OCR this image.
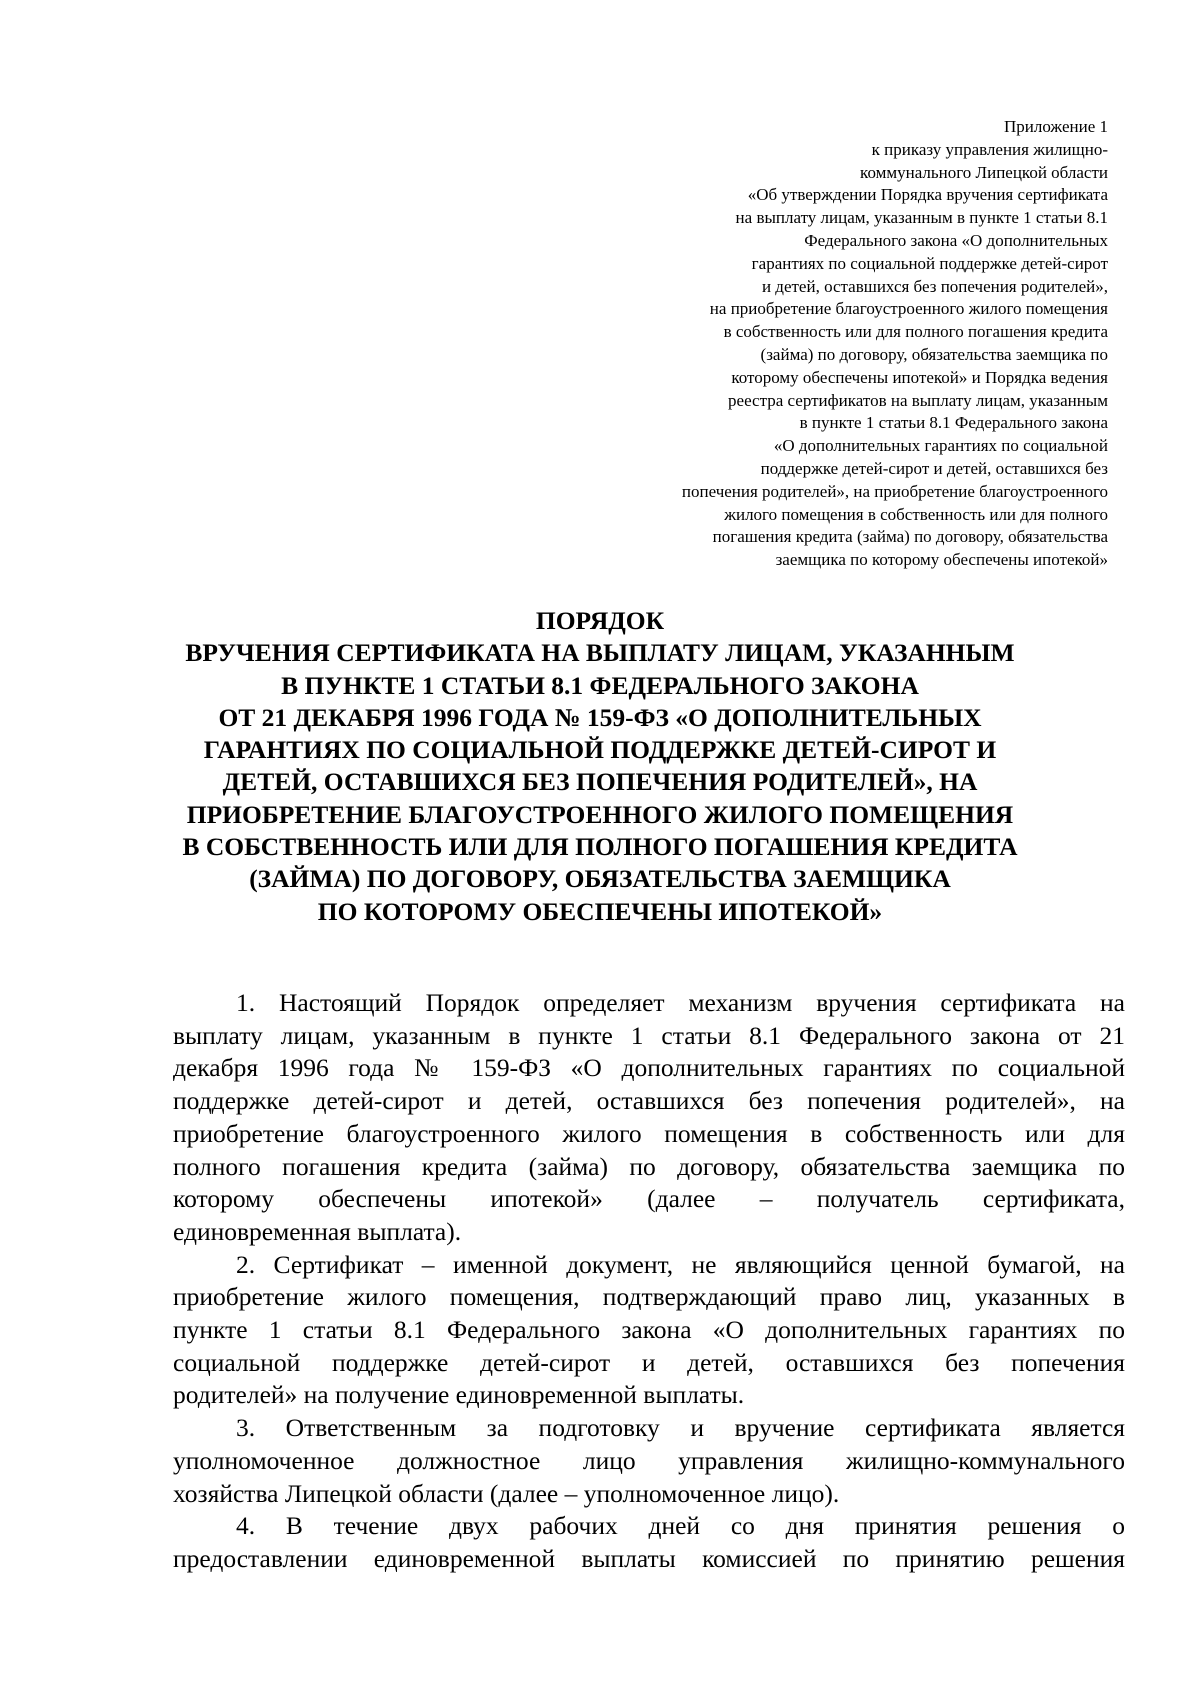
Приложение 1
к приказу управления жилищно-
коммунального Липецкой области
«Об утверждении Порядка вручения сертификата
на выплату лицам, указанным в пункте 1 статьи 8.1
Федерального закона «О дополнительных
гарантиях по социальной поддержке детей-сирот
и детей, оставшихся без попечения родителей»,
на приобретение благоустроенного жилого помещения
в собственность или для полного погашения кредита
(займа) по договору, обязательства заемщика по
которому обеспечены ипотекой» и Порядка ведения
реестра сертификатов на выплату лицам, указанным
в пункте 1 статьи 8.1 Федерального закона
«О дополнительных гарантиях по социальной
поддержке детей-сирот и детей, оставшихся без
попечения родителей», на приобретение благоустроенного
жилого помещения в собственность или для полного
погашения кредита (займа) по договору, обязательства
заемщика по которому обеспечены ипотекой»
ПОРЯДОК
ВРУЧЕНИЯ СЕРТИФИКАТА НА ВЫПЛАТУ ЛИЦАМ, УКАЗАННЫМ
В ПУНКТЕ 1 СТАТЬИ 8.1 ФЕДЕРАЛЬНОГО ЗАКОНА
ОТ 21 ДЕКАБРЯ 1996 ГОДА № 159-ФЗ «О ДОПОЛНИТЕЛЬНЫХ
ГАРАНТИЯХ ПО СОЦИАЛЬНОЙ ПОДДЕРЖКЕ ДЕТЕЙ-СИРОТ И
ДЕТЕЙ, ОСТАВШИХСЯ БЕЗ ПОПЕЧЕНИЯ РОДИТЕЛЕЙ», НА
ПРИОБРЕТЕНИЕ БЛАГОУСТРОЕННОГО ЖИЛОГО ПОМЕЩЕНИЯ
В СОБСТВЕННОСТЬ ИЛИ ДЛЯ ПОЛНОГО ПОГАШЕНИЯ КРЕДИТА
(ЗАЙМА) ПО ДОГОВОРУ, ОБЯЗАТЕЛЬСТВА ЗАЕМЩИКА
ПО КОТОРОМУ ОБЕСПЕЧЕНЫ ИПОТЕКОЙ»
1. Настоящий Порядок определяет механизм вручения сертификата на
выплату лицам, указанным в пункте 1 статьи 8.1 Федерального закона от 21
декабря 1996 года № 159-ФЗ «О дополнительных гарантиях по социальной
поддержке детей-сирот и детей, оставшихся без попечения родителей», на
приобретение благоустроенного жилого помещения в собственность или для
полного погашения кредита (займа) по договору, обязательства заемщика по
которому обеспечены ипотекой» (далее – получатель сертификата,
единовременная выплата).
2. Сертификат – именной документ, не являющийся ценной бумагой, на
приобретение жилого помещения, подтверждающий право лиц, указанных в
пункте 1 статьи 8.1 Федерального закона «О дополнительных гарантиях по
социальной поддержке детей-сирот и детей, оставшихся без попечения
родителей» на получение единовременной выплаты.
3. Ответственным за подготовку и вручение сертификата является
уполномоченное должностное лицо управления жилищно-коммунального
хозяйства Липецкой области (далее – уполномоченное лицо).
4. В течение двух рабочих дней со дня принятия решения о
предоставлении единовременной выплаты комиссией по принятию решения
